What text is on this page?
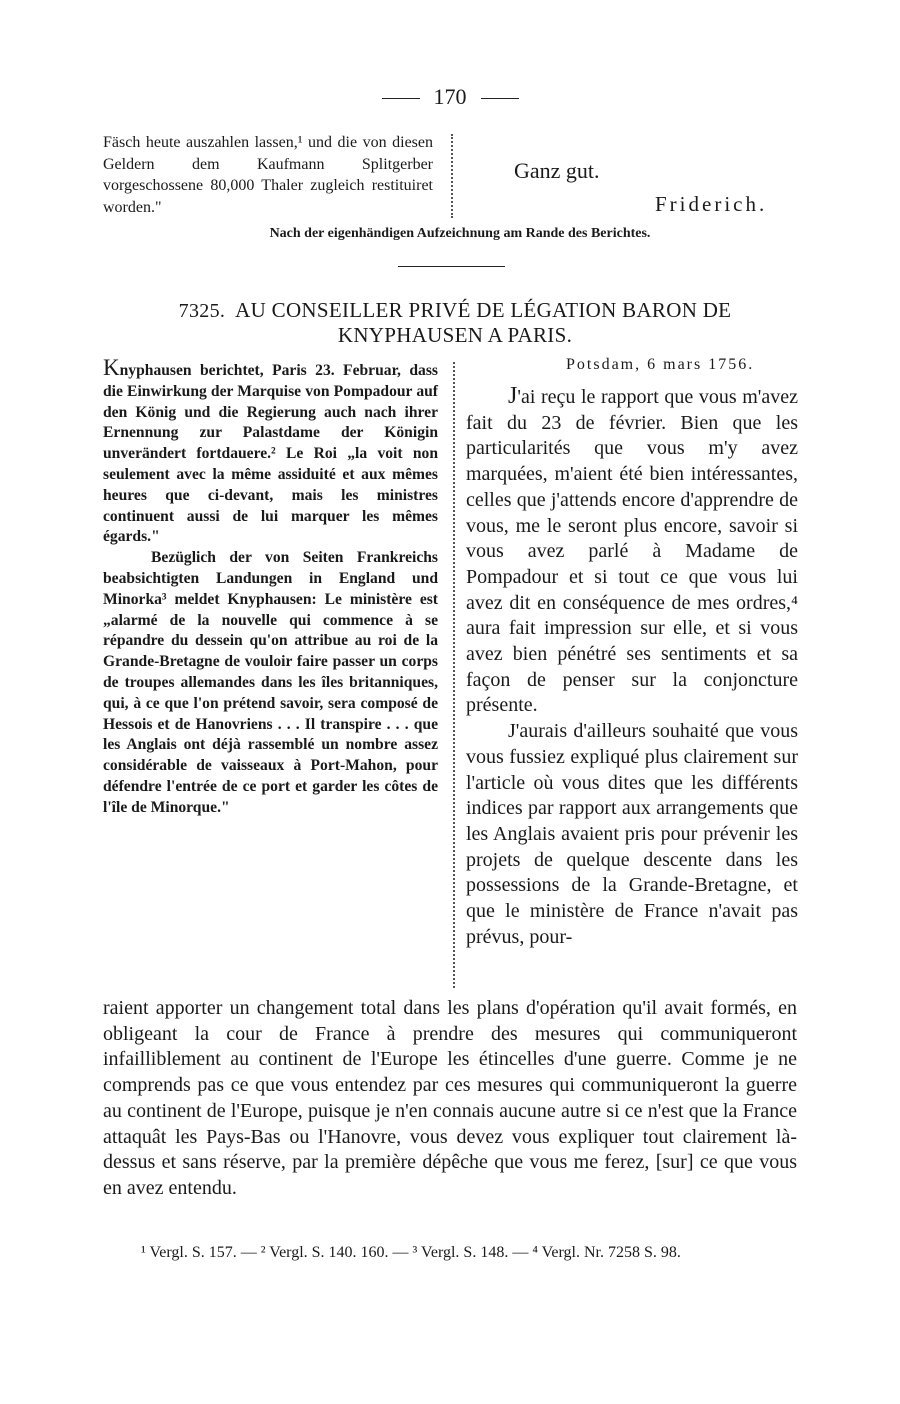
170

Fäsch heute auszahlen lassen,¹ und die von diesen Geldern dem Kaufmann Splitgerber vorgeschossene 80,000 Thaler zugleich restituiret worden."

Ganz gut.
Friderich.
Nach der eigenhändigen Aufzeichnung am Rande des Berichtes.
7325. AU CONSEILLER PRIVÉ DE LÉGATION BARON DE KNYPHAUSEN A PARIS.

Knyphausen berichtet, Paris 23. Februar, dass die Einwirkung der Marquise von Pompadour auf den König und die Regierung auch nach ihrer Ernennung zur Palastdame der Königin unverändert fortdauere.² Le Roi „la voit non seulement avec la même assiduité et aux mêmes heures que ci-devant, mais les ministres continuent aussi de lui marquer les mêmes égards."

Bezüglich der von Seiten Frankreichs beabsichtigten Landungen in England und Minorka³ meldet Knyphausen: Le ministère est „alarmé de la nouvelle qui commence à se répandre du dessein qu'on attribue au roi de la Grande-Bretagne de vouloir faire passer un corps de troupes allemandes dans les îles britanniques, qui, à ce que l'on prétend savoir, sera composé de Hessois et de Hanovriens . . . Il transpire . . . que les Anglais ont déjà rassemblé un nombre assez considérable de vaisseaux à Port-Mahon, pour défendre l'entrée de ce port et garder les côtes de l'île de Minorque."

Potsdam, 6 mars 1756.

J'ai reçu le rapport que vous m'avez fait du 23 de février. Bien que les particularités que vous m'y avez marquées, m'aient été bien intéressantes, celles que j'attends encore d'apprendre de vous, me le seront plus encore, savoir si vous avez parlé à Madame de Pompadour et si tout ce que vous lui avez dit en conséquence de mes ordres,⁴ aura fait impression sur elle, et si vous avez bien pénétré ses sentiments et sa façon de penser sur la conjoncture présente.

J'aurais d'ailleurs souhaité que vous vous fussiez expliqué plus clairement sur l'article où vous dites que les différents indices par rapport aux arrangements que les Anglais avaient pris pour prévenir les projets de quelque descente dans les possessions de la Grande-Bretagne, et que le ministère de France n'avait pas prévus, pour-

raient apporter un changement total dans les plans d'opération qu'il avait formés, en obligeant la cour de France à prendre des mesures qui communiqueront infailliblement au continent de l'Europe les étincelles d'une guerre. Comme je ne comprends pas ce que vous entendez par ces mesures qui communiqueront la guerre au continent de l'Europe, puisque je n'en connais aucune autre si ce n'est que la France attaquât les Pays-Bas ou l'Hanovre, vous devez vous expliquer tout clairement là-dessus et sans réserve, par la première dépêche que vous me ferez, [sur] ce que vous en avez entendu.

¹ Vergl. S. 157. — ² Vergl. S. 140. 160. — ³ Vergl. S. 148. — ⁴ Vergl. Nr. 7258 S. 98.
